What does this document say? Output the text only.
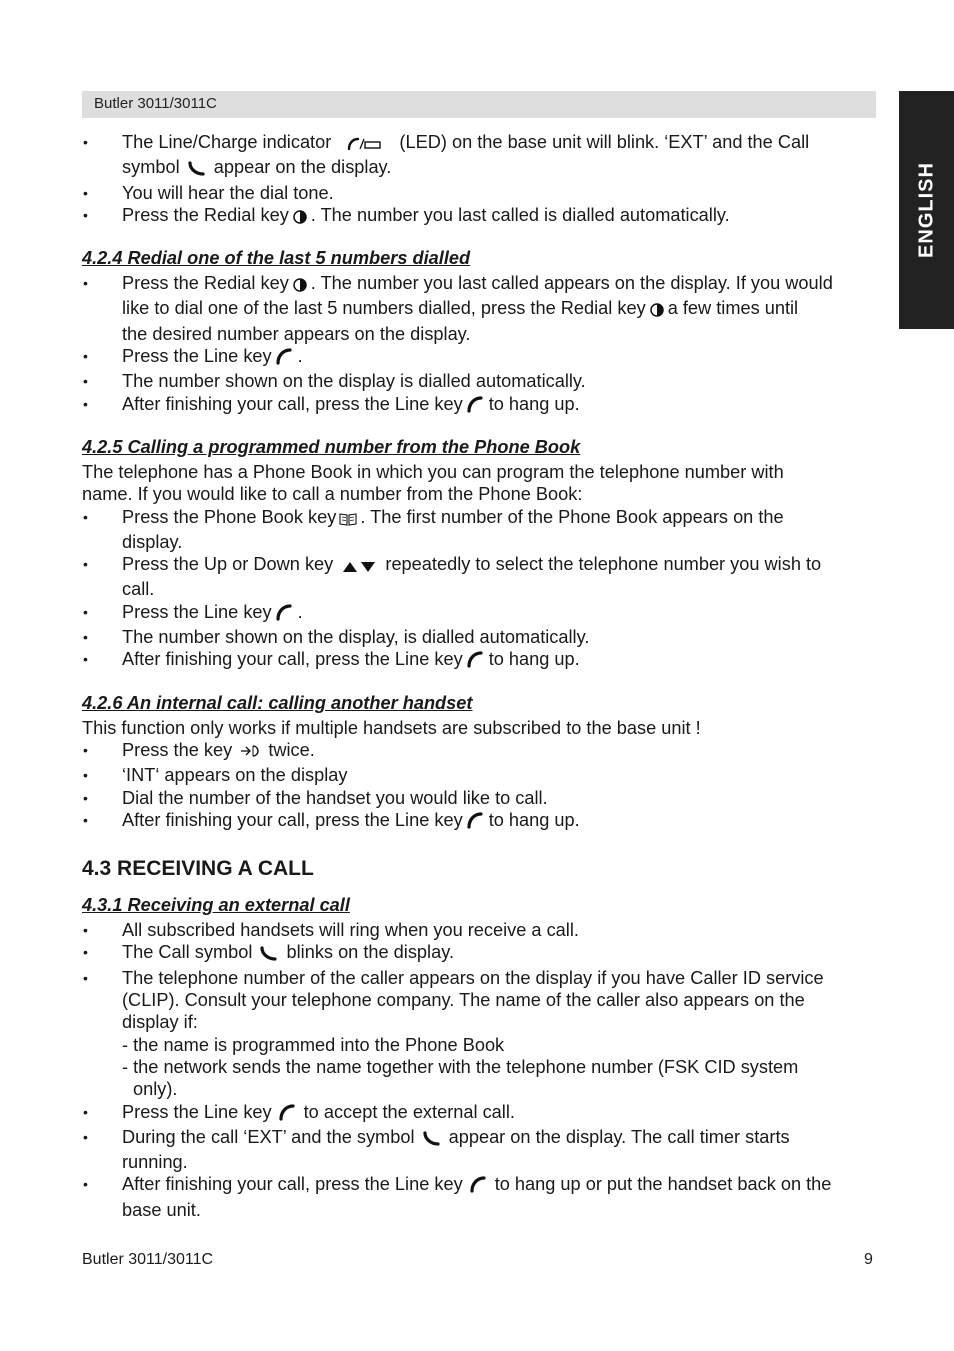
Butler 3011/3011C
ENGLISH
• The Line/Charge indicator	(LED) on the base unit will blink. ‘EXT’ and the Call
symbol appear on the display.
• You will hear the dial tone.
• Press the Redial key . The number you last called is dialled automatically.
4.2.4 Redial one of the last 5 numbers dialled
• Press the Redial key . The number you last called appears on the display. If you would
like to dial one of the last 5 numbers dialled, press the Redial key a few times until
the desired number appears on the display.
• Press the Line key .
• The number shown on the display is dialled automatically.
• After finishing your call, press the Line key to hang up.
4.2.5 Calling a programmed number from the Phone Book
The telephone has a Phone Book in which you can program the telephone number with
name. If you would like to call a number from the Phone Book:
• Press the Phone Book key . The first number of the Phone Book appears on the
display.
• Press the Up or Down key	repeatedly to select the telephone number you wish to
call.
• Press the Line key .
• The number shown on the display, is dialled automatically.
• After finishing your call, press the Line key to hang up.
4.2.6 An internal call: calling another handset
This function only works if multiple handsets are subscribed to the base unit !
• Press the key twice.
• ‘INT‘ appears on the display
• Dial the number of the handset you would like to call.
• After finishing your call, press the Line key to hang up.
4.3 RECEIVING A CALL
4.3.1 Receiving an external call
• All subscribed handsets will ring when you receive a call.
• The Call symbol blinks on the display.
• The telephone number of the caller appears on the display if you have Caller ID service
(CLIP). Consult your telephone company. The name of the caller also appears on the
display if:
- the name is programmed into the Phone Book
- the network sends the name together with the telephone number (FSK CID system
only).
• Press the Line key to accept the external call.
• During the call ‘EXT’ and the symbol appear on the display. The call timer starts
running.
• After finishing your call, press the Line key to hang up or put the handset back on the
base unit.
Butler 3011/3011C	9
